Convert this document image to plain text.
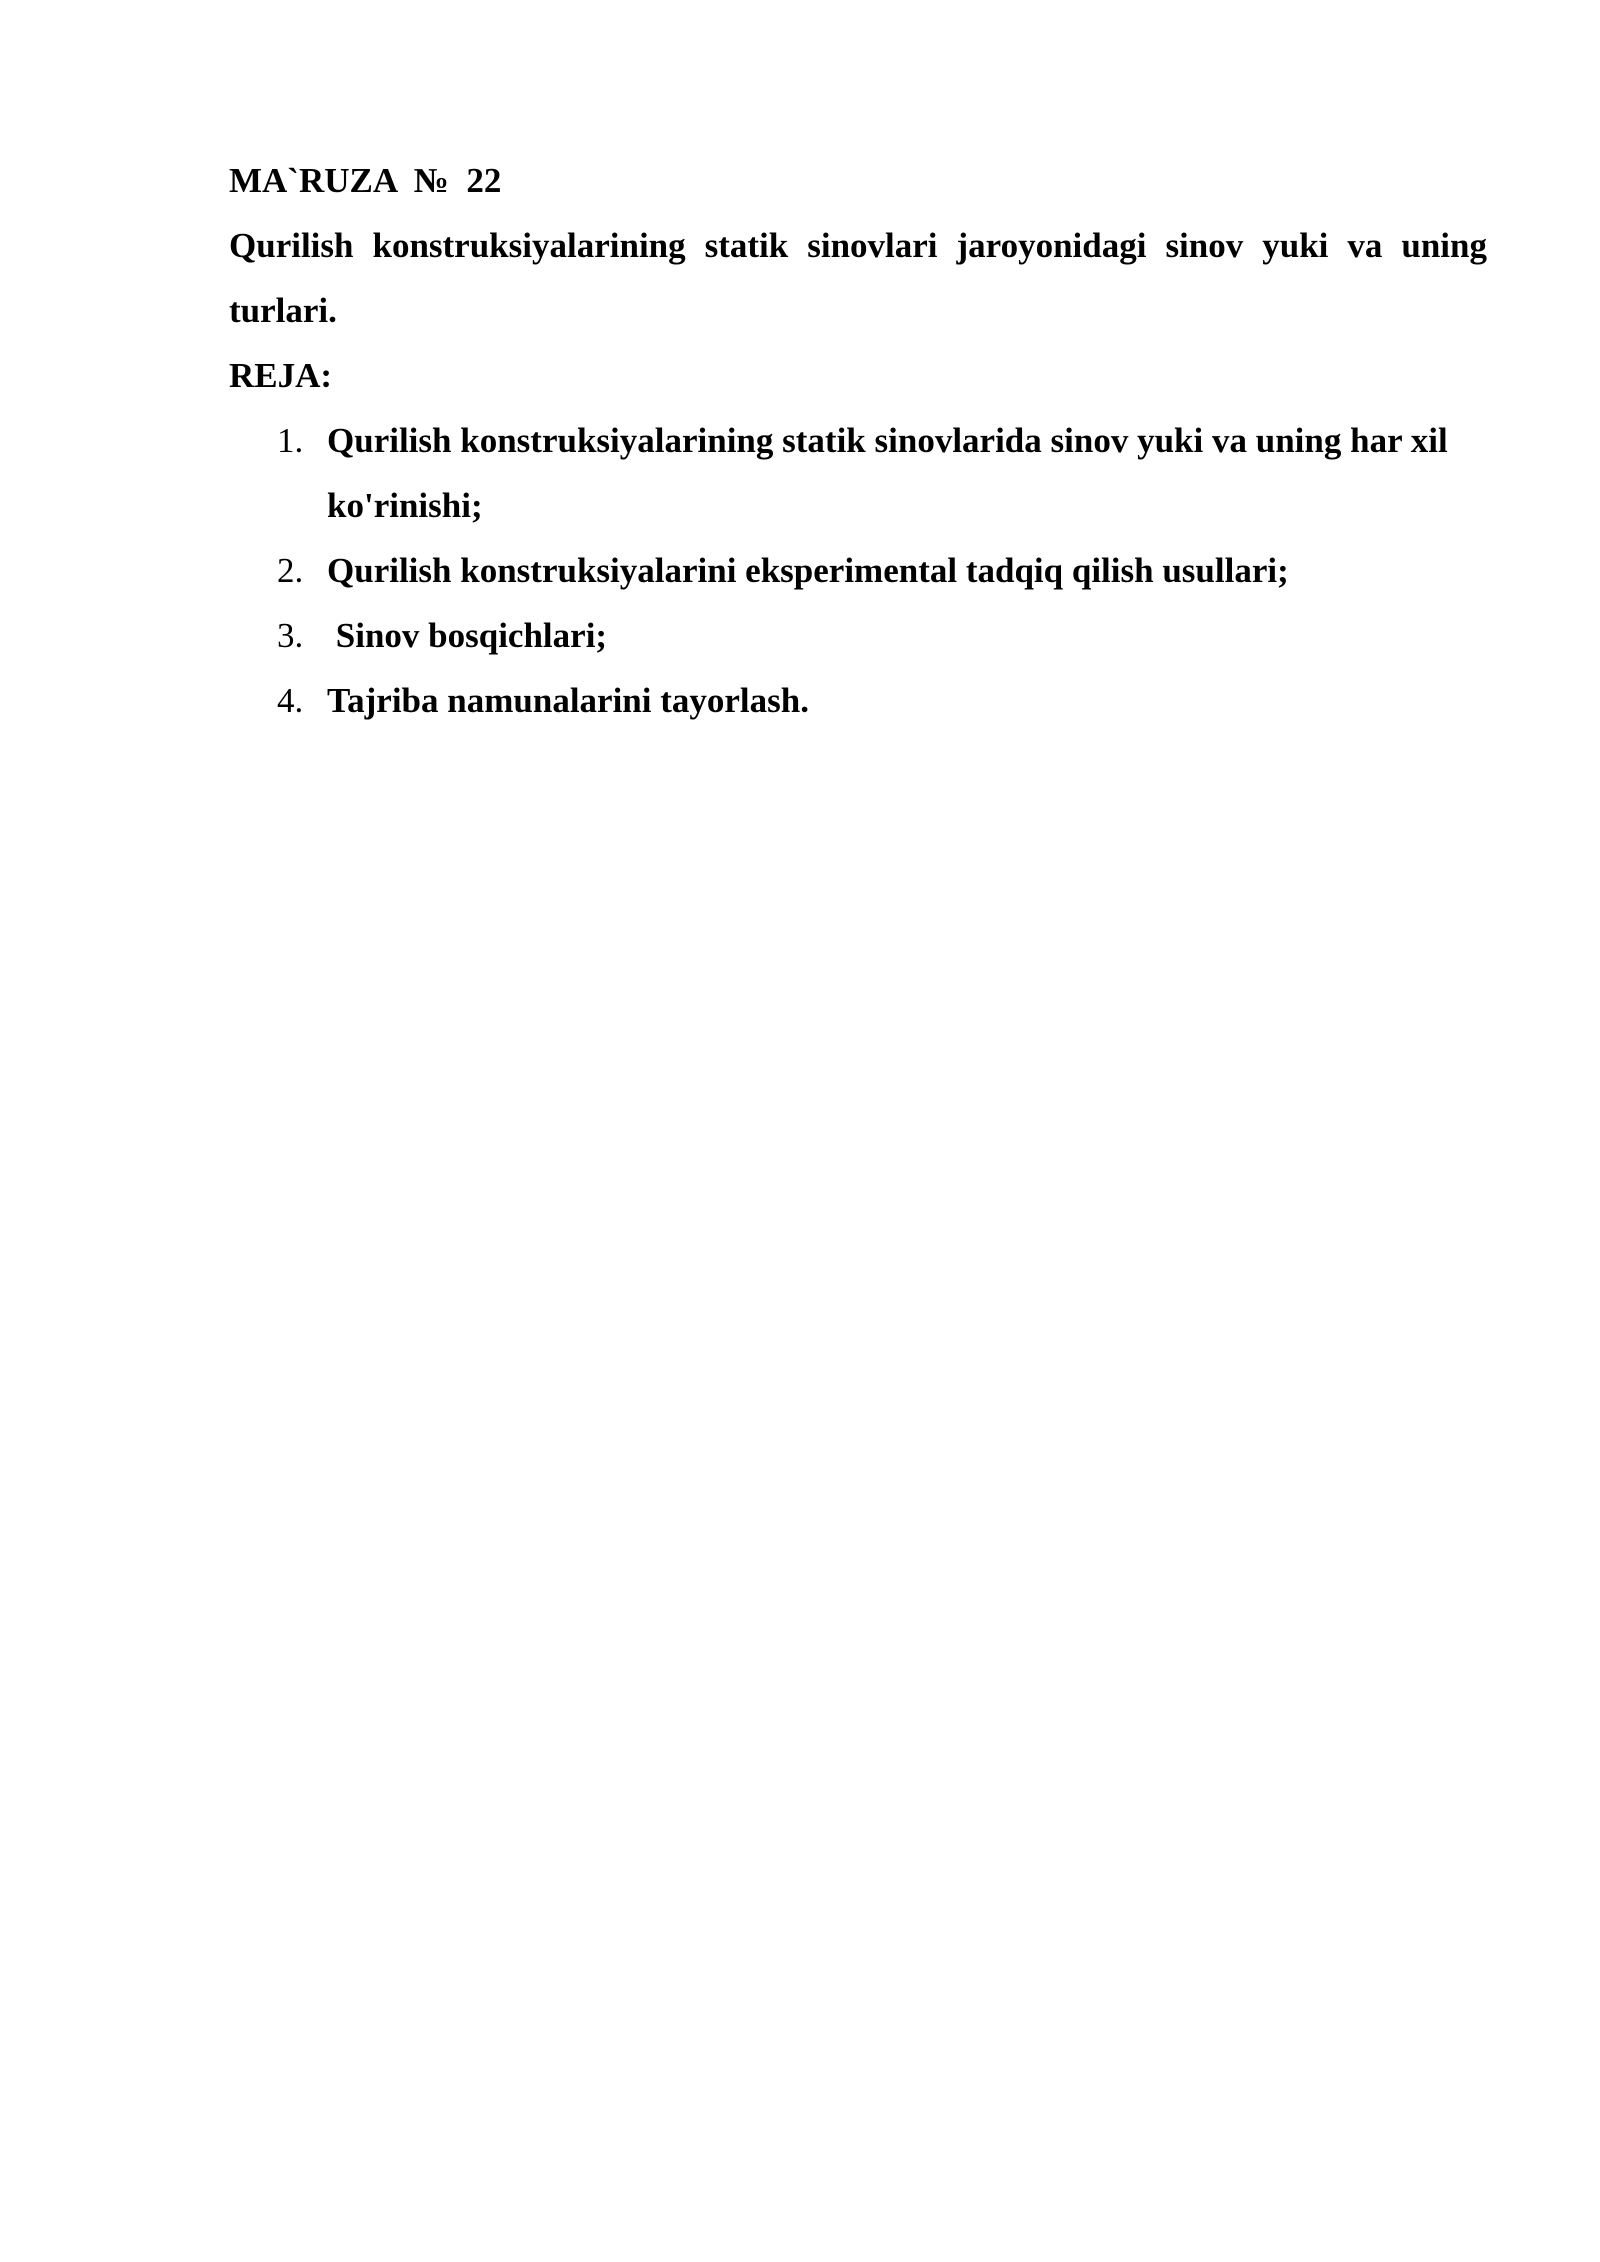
MA`RUZA  №  22

Qurilish konstruksiyalarining statik sinovlari jaroyonidagi sinov yuki va uning turlari.

REJA:

1. Qurilish konstruksiyalarining statik sinovlarida sinov yuki va uning har xil ko'rinishi;
2. Qurilish konstruksiyalarini eksperimental tadqiq qilish usullari;
3. Sinov bosqichlari;
4. Tajriba namunalarini tayorlash.
